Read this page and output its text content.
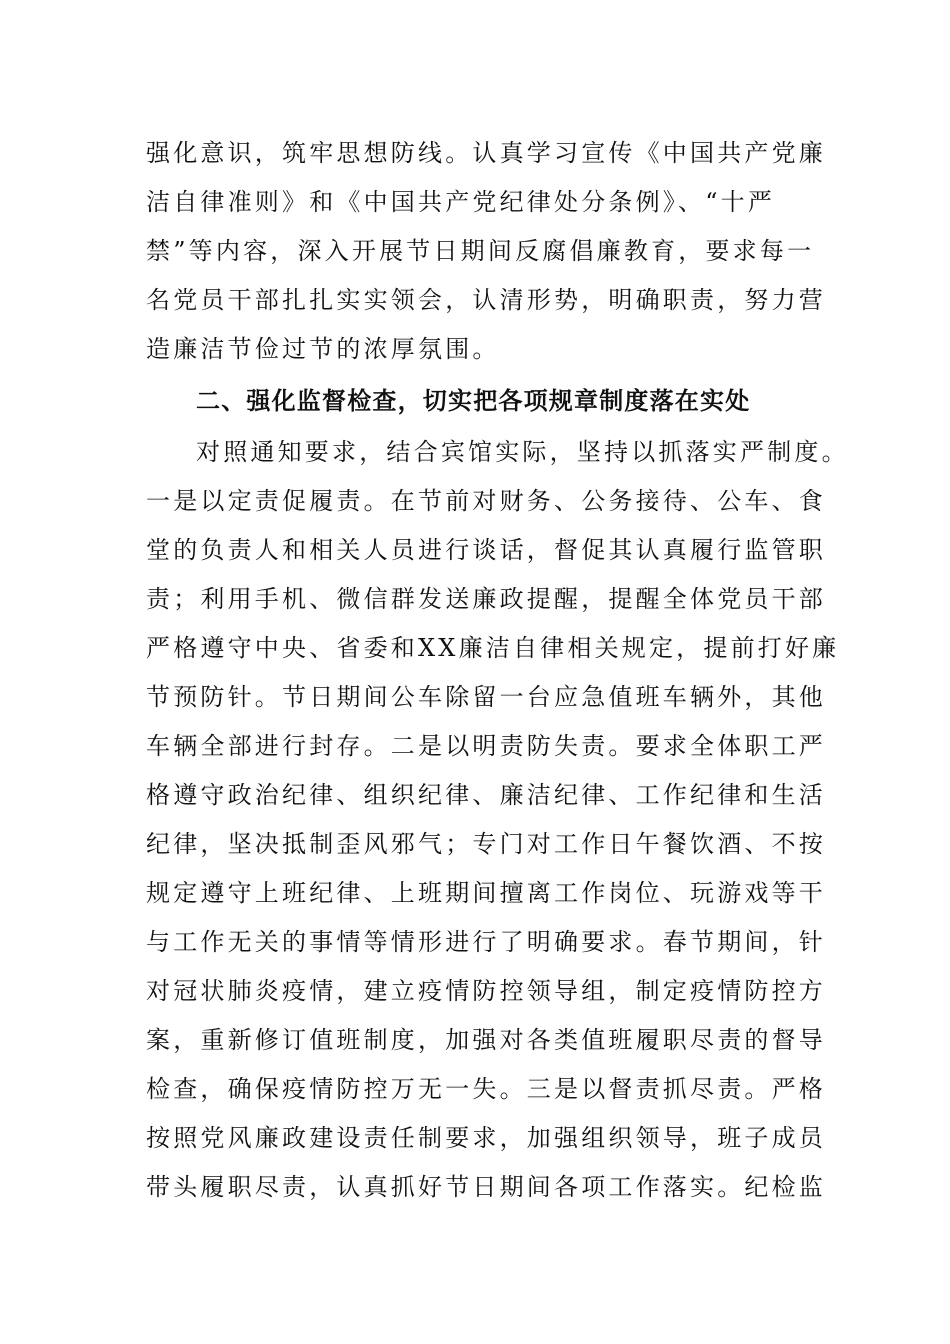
强化意识，筑牢思想防线。认真学习宣传《中国共产党廉
洁自律准则》和《中国共产党纪律处分条例》、“十严
禁”等内容，深入开展节日期间反腐倡廉教育，要求每一
名党员干部扎扎实实领会，认清形势，明确职责，努力营
造廉洁节俭过节的浓厚氛围。
二、强化监督检查，切实把各项规章制度落在实处
对照通知要求，结合宾馆实际，坚持以抓落实严制度。
一是以定责促履责。在节前对财务、公务接待、公车、食
堂的负责人和相关人员进行谈话，督促其认真履行监管职
责；利用手机、微信群发送廉政提醒，提醒全体党员干部
严格遵守中央、省委和XX廉洁自律相关规定，提前打好廉
节预防针。节日期间公车除留一台应急值班车辆外，其他
车辆全部进行封存。二是以明责防失责。要求全体职工严
格遵守政治纪律、组织纪律、廉洁纪律、工作纪律和生活
纪律，坚决抵制歪风邪气；专门对工作日午餐饮酒、不按
规定遵守上班纪律、上班期间擅离工作岗位、玩游戏等干
与工作无关的事情等情形进行了明确要求。春节期间，针
对冠状肺炎疫情，建立疫情防控领导组，制定疫情防控方
案，重新修订值班制度，加强对各类值班履职尽责的督导
检查，确保疫情防控万无一失。三是以督责抓尽责。严格
按照党风廉政建设责任制要求，加强组织领导，班子成员
带头履职尽责，认真抓好节日期间各项工作落实。纪检监
